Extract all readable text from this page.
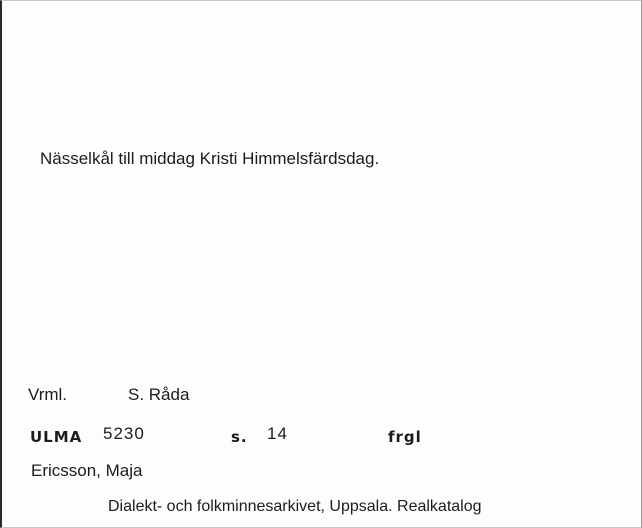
Nässelkål till middag Kristi Himmelsfärdsdag.
Vrml.	S. Råda
ULMA 5230	s. 14	frgl
Ericsson, Maja
Dialekt- och folkminnesarkivet, Uppsala. Realkatalog
